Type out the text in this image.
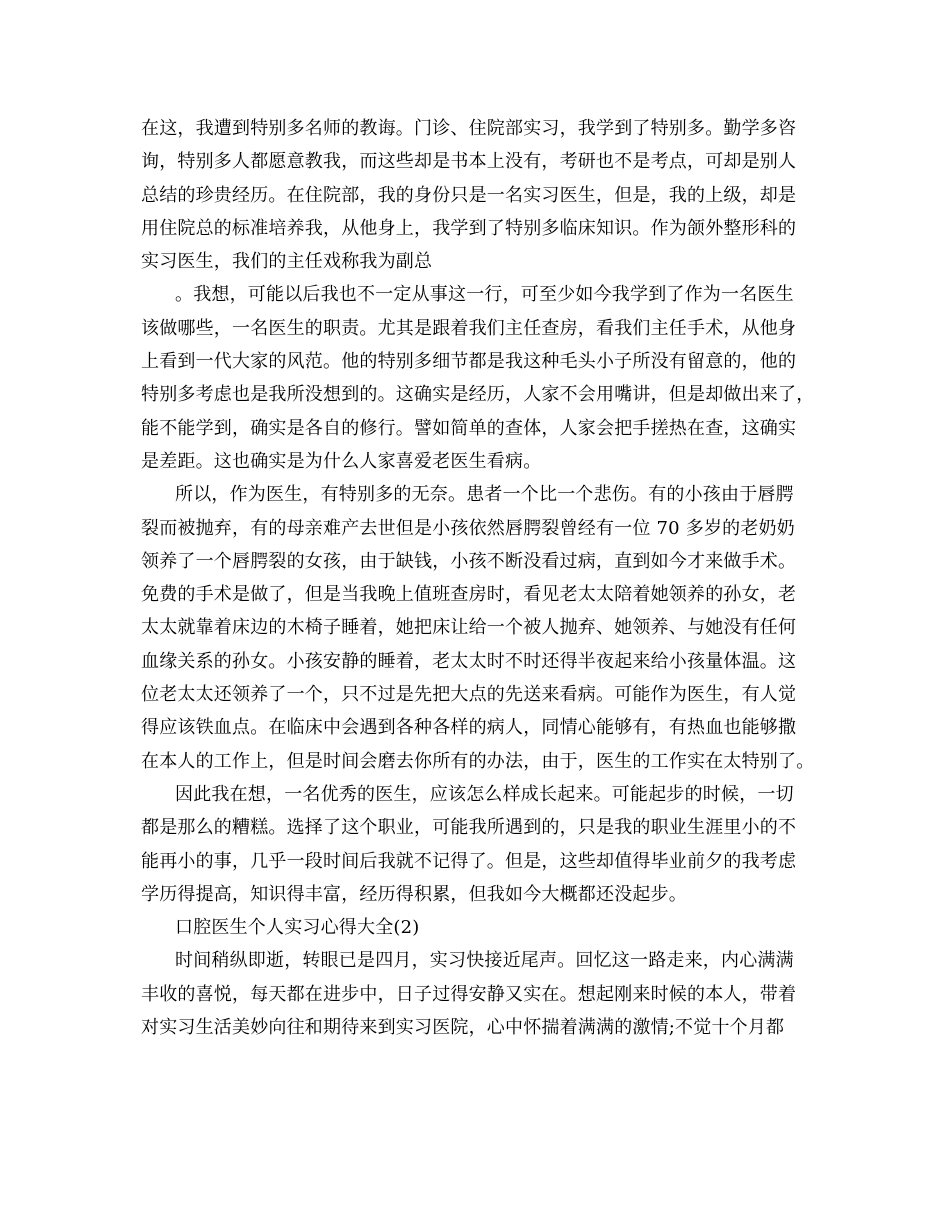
在这，我遭到特别多名师的教诲。门诊、住院部实习，我学到了特别多。勤学多咨
询，特别多人都愿意教我，而这些却是书本上没有，考研也不是考点，可却是别人
总结的珍贵经历。在住院部，我的身份只是一名实习医生，但是，我的上级，却是
用住院总的标准培养我，从他身上，我学到了特别多临床知识。作为颌外整形科的
实习医生，我们的主任戏称我为副总
。我想，可能以后我也不一定从事这一行，可至少如今我学到了作为一名医生
该做哪些，一名医生的职责。尤其是跟着我们主任查房，看我们主任手术，从他身
上看到一代大家的风范。他的特别多细节都是我这种毛头小子所没有留意的，他的
特别多考虑也是我所没想到的。这确实是经历，人家不会用嘴讲，但是却做出来了，
能不能学到，确实是各自的修行。譬如简单的查体，人家会把手搓热在查，这确实
是差距。这也确实是为什么人家喜爱老医生看病。
所以，作为医生，有特别多的无奈。患者一个比一个悲伤。有的小孩由于唇腭
裂而被抛弃，有的母亲难产去世但是小孩依然唇腭裂曾经有一位 70 多岁的老奶奶
领养了一个唇腭裂的女孩，由于缺钱，小孩不断没看过病，直到如今才来做手术。
免费的手术是做了，但是当我晚上值班查房时，看见老太太陪着她领养的孙女，老
太太就靠着床边的木椅子睡着，她把床让给一个被人抛弃、她领养、与她没有任何
血缘关系的孙女。小孩安静的睡着，老太太时不时还得半夜起来给小孩量体温。这
位老太太还领养了一个，只不过是先把大点的先送来看病。可能作为医生，有人觉
得应该铁血点。在临床中会遇到各种各样的病人，同情心能够有，有热血也能够撒
在本人的工作上，但是时间会磨去你所有的办法，由于，医生的工作实在太特别了。
因此我在想，一名优秀的医生，应该怎么样成长起来。可能起步的时候，一切
都是那么的糟糕。选择了这个职业，可能我所遇到的，只是我的职业生涯里小的不
能再小的事，几乎一段时间后我就不记得了。但是，这些却值得毕业前夕的我考虑
学历得提高，知识得丰富，经历得积累，但我如今大概都还没起步。
口腔医生个人实习心得大全(2)
时间稍纵即逝，转眼已是四月，实习快接近尾声。回忆这一路走来，内心满满
丰收的喜悦，每天都在进步中，日子过得安静又实在。想起刚来时候的本人，带着
对实习生活美妙向往和期待来到实习医院，心中怀揣着满满的激情;不觉十个月都
